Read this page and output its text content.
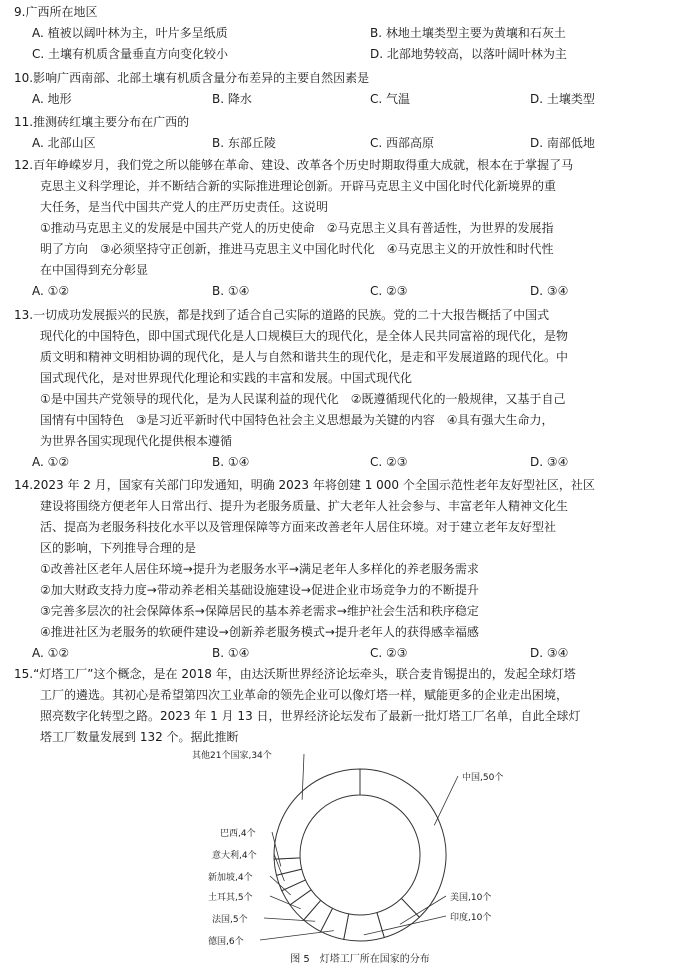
9.广西所在地区

A. 植被以阔叶林为主，叶片多呈纸质	B. 林地土壤类型主要为黄壤和石灰土
C. 土壤有机质含量垂直方向变化较小	D. 北部地势较高，以落叶阔叶林为主

10.影响广西南部、北部土壤有机质含量分布差异的主要自然因素是

A. 地形	B. 降水	C. 气温	D. 土壤类型

11.推测砖红壤主要分布在广西的

A. 北部山区	B. 东部丘陵	C. 西部高原	D. 南部低地
12.百年峥嵘岁月，我们党之所以能够在革命、建设、改革各个历史时期取得重大成就，根本在于掌握了马
克思主义科学理论，并不断结合新的实际推进理论创新。开辟马克思主义中国化时代化新境界的重
大任务，是当代中国共产党人的庄严历史责任。这说明
①推动马克思主义的发展是中国共产党人的历史使命　②马克思主义具有普适性，为世界的发展指
明了方向　③必须坚持守正创新，推进马克思主义中国化时代化　④马克思主义的开放性和时代性
在中国得到充分彰显
A. ①②	B. ①④	C. ②③	D. ③④
13.一切成功发展振兴的民族，都是找到了适合自己实际的道路的民族。党的二十大报告概括了中国式
现代化的中国特色，即中国式现代化是人口规模巨大的现代化，是全体人民共同富裕的现代化，是物
质文明和精神文明相协调的现代化，是人与自然和谐共生的现代化，是走和平发展道路的现代化。中
国式现代化，是对世界现代化理论和实践的丰富和发展。中国式现代化
①是中国共产党领导的现代化，是为人民谋利益的现代化　②既遵循现代化的一般规律，又基于自己
国情有中国特色　③是习近平新时代中国特色社会主义思想最为关键的内容　④具有强大生命力，
为世界各国实现现代化提供根本遵循
A. ①②	B. ①④	C. ②③	D. ③④
14.2023 年 2 月，国家有关部门印发通知，明确 2023 年将创建 1 000 个全国示范性老年友好型社区，社区
建设将围绕方便老年人日常出行、提升为老服务质量、扩大老年人社会参与、丰富老年人精神文化生
活、提高为老服务科技化水平以及管理保障等方面来改善老年人居住环境。对于建立老年友好型社
区的影响，下列推导合理的是
①改善社区老年人居住环境→提升为老服务水平→满足老年人多样化的养老服务需求
②加大财政支持力度→带动养老相关基础设施建设→促进企业市场竞争力的不断提升
③完善多层次的社会保障体系→保障居民的基本养老需求→维护社会生活和秩序稳定
④推进社区为老服务的软硬件建设→创新养老服务模式→提升老年人的获得感幸福感
A. ①②	B. ①④	C. ②③	D. ③④
15.“灯塔工厂”这个概念，是在 2018 年，由达沃斯世界经济论坛牵头，联合麦肯锡提出的，发起全球灯塔
工厂的遴选。其初心是希望第四次工业革命的领先企业可以像灯塔一样，赋能更多的企业走出困境，
照亮数字化转型之路。2023 年 1 月 13 日，世界经济论坛发布了最新一批灯塔工厂名单，自此全球灯
塔工厂数量发展到 132 个。据此推断
中国,50个
美国,10个
印度,10个
德国,6个
法国,5个
土耳其,5个
新加坡,4个
意大利,4个
巴西,4个
其他21个国家,34个
图 5　灯塔工厂所在国家的分布
